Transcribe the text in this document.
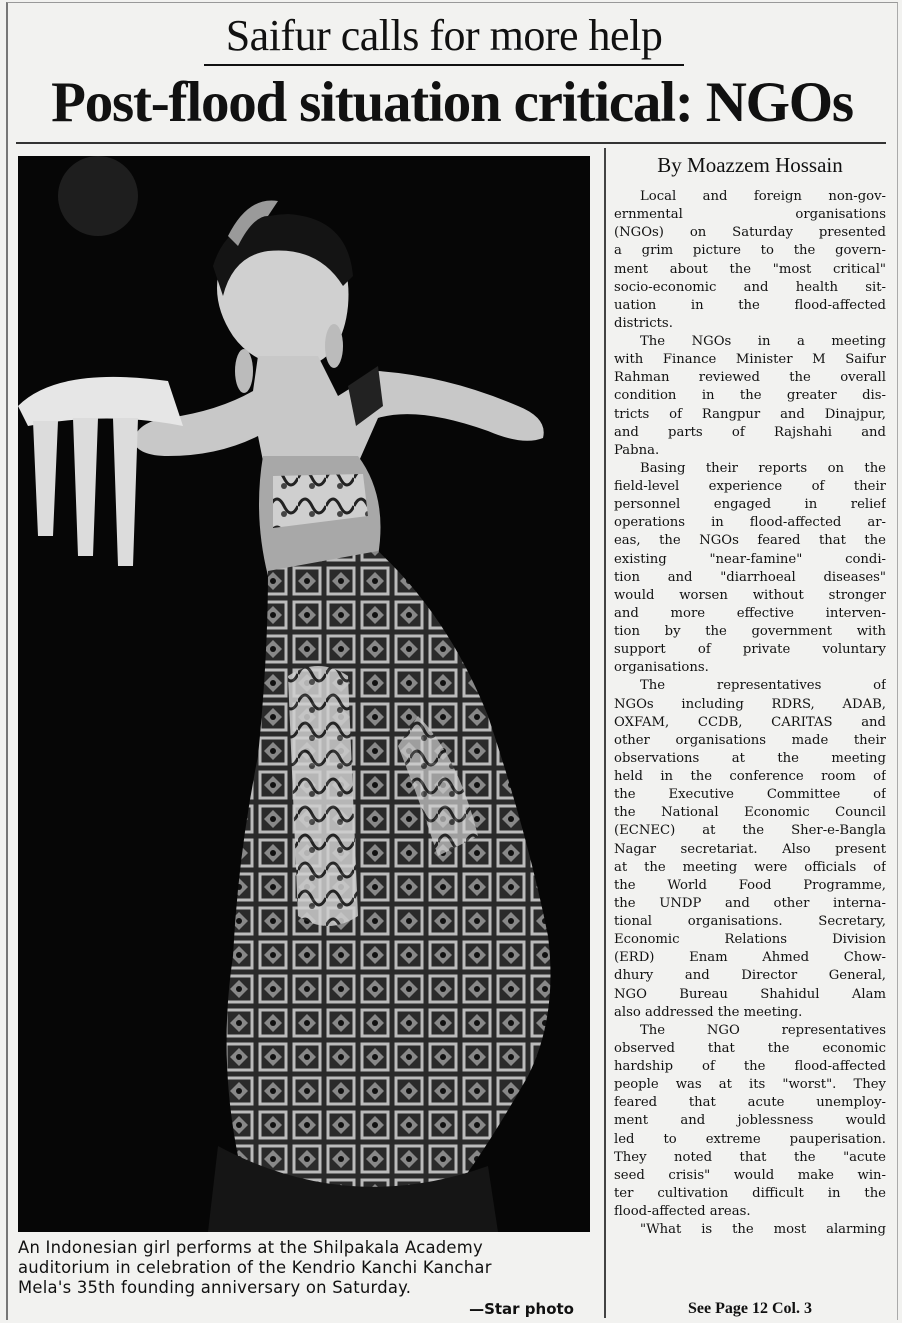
Saifur calls for more help
Post-flood situation critical: NGOs
An Indonesian girl performs at the Shilpakala Academy
auditorium in celebration of the Kendrio Kanchi Kanchar
Mela's 35th founding anniversary on Saturday.
—Star photo
By Moazzem Hossain
Local and foreign non-gov-
ernmental organisations
(NGOs) on Saturday presented
a grim picture to the govern-
ment about the "most critical"
socio-economic and health sit-
uation in the flood-affected
districts.
The NGOs in a meeting
with Finance Minister M Saifur
Rahman reviewed the overall
condition in the greater dis-
tricts of Rangpur and Dinajpur,
and parts of Rajshahi and
Pabna.
Basing their reports on the
field-level experience of their
personnel engaged in relief
operations in flood-affected ar-
eas, the NGOs feared that the
existing "near-famine" condi-
tion and "diarrhoeal diseases"
would worsen without stronger
and more effective interven-
tion by the government with
support of private voluntary
organisations.
The representatives of
NGOs including RDRS, ADAB,
OXFAM, CCDB, CARITAS and
other organisations made their
observations at the meeting
held in the conference room of
the Executive Committee of
the National Economic Council
(ECNEC) at the Sher-e-Bangla
Nagar secretariat. Also present
at the meeting were officials of
the World Food Programme,
the UNDP and other interna-
tional organisations. Secretary,
Economic Relations Division
(ERD) Enam Ahmed Chow-
dhury and Director General,
NGO Bureau Shahidul Alam
also addressed the meeting.
The NGO representatives
observed that the economic
hardship of the flood-affected
people was at its "worst". They
feared that acute unemploy-
ment and joblessness would
led to extreme pauperisation.
They noted that the "acute
seed crisis" would make win-
ter cultivation difficult in the
flood-affected areas.
"What is the most alarming
See Page 12 Col. 3
